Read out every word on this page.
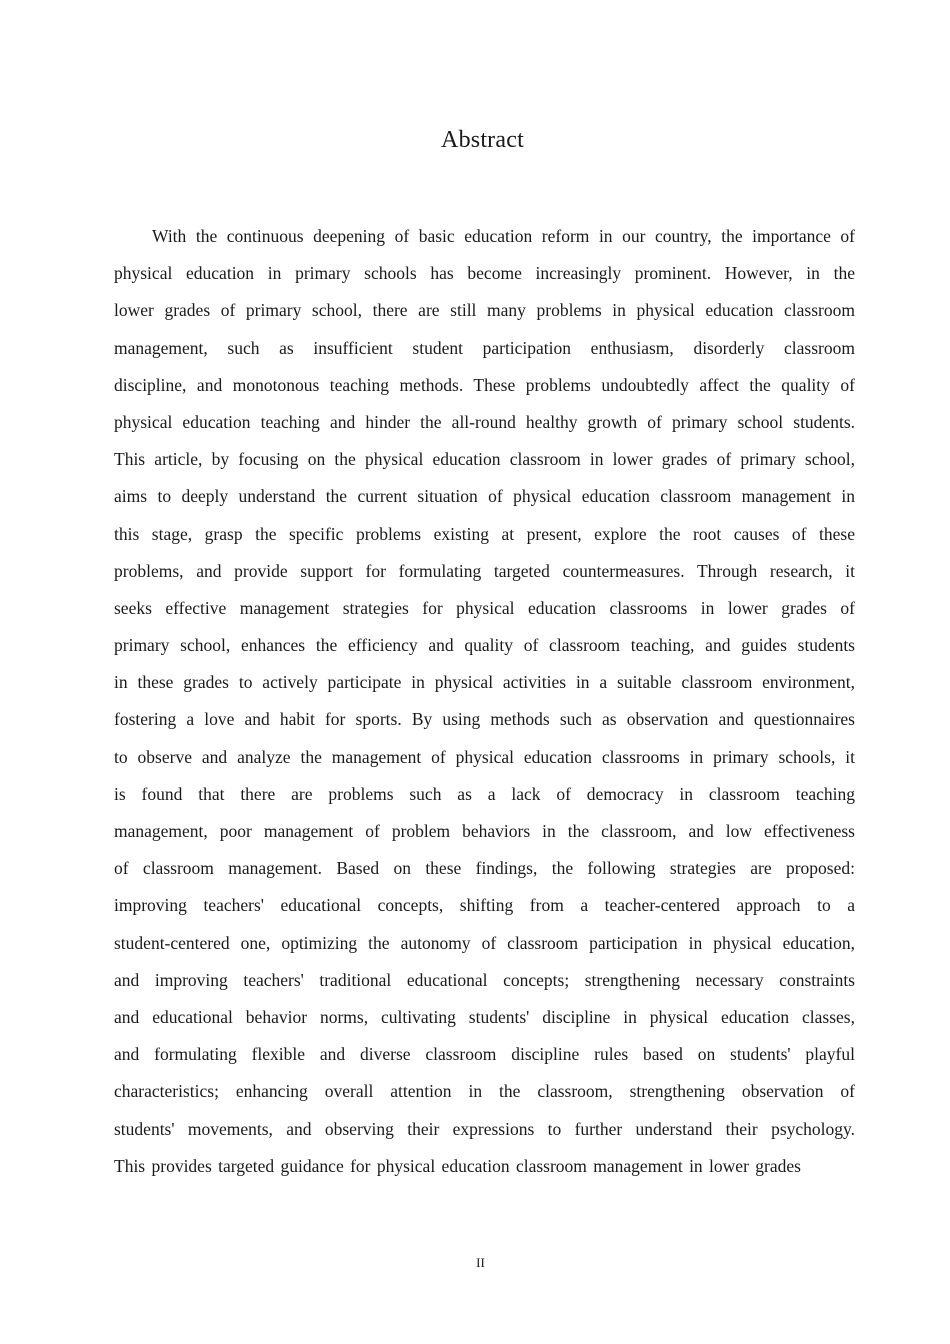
Abstract
With the continuous deepening of basic education reform in our country, the importance of
physical education in primary schools has become increasingly prominent. However, in the
lower grades of primary school, there are still many problems in physical education classroom
management, such as insufficient student participation enthusiasm, disorderly classroom
discipline, and monotonous teaching methods. These problems undoubtedly affect the quality of
physical education teaching and hinder the all-round healthy growth of primary school students.
This article, by focusing on the physical education classroom in lower grades of primary school,
aims to deeply understand the current situation of physical education classroom management in
this stage, grasp the specific problems existing at present, explore the root causes of these
problems, and provide support for formulating targeted countermeasures. Through research, it
seeks effective management strategies for physical education classrooms in lower grades of
primary school, enhances the efficiency and quality of classroom teaching, and guides students
in these grades to actively participate in physical activities in a suitable classroom environment,
fostering a love and habit for sports. By using methods such as observation and questionnaires
to observe and analyze the management of physical education classrooms in primary schools, it
is found that there are problems such as a lack of democracy in classroom teaching
management, poor management of problem behaviors in the classroom, and low effectiveness
of classroom management. Based on these findings, the following strategies are proposed:
improving teachers' educational concepts, shifting from a teacher-centered approach to a
student-centered one, optimizing the autonomy of classroom participation in physical education,
and improving teachers' traditional educational concepts; strengthening necessary constraints
and educational behavior norms, cultivating students' discipline in physical education classes,
and formulating flexible and diverse classroom discipline rules based on students' playful
characteristics; enhancing overall attention in the classroom, strengthening observation of
students' movements, and observing their expressions to further understand their psychology.
This provides targeted guidance for physical education classroom management in lower grades
II
